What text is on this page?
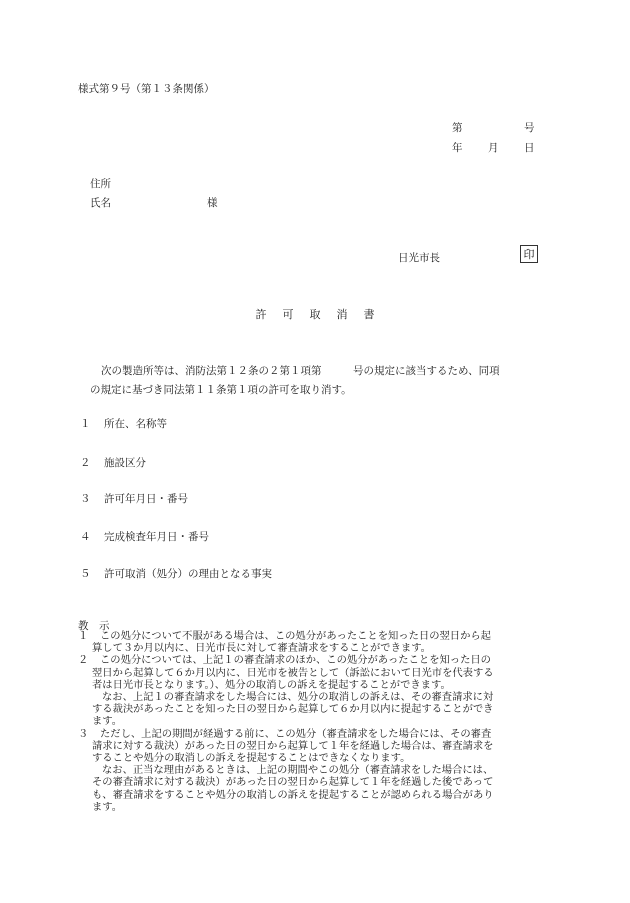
様式第９号（第１３条関係）
第	号
年 月 日
住所
氏名	様
日光市長	印
許 可 取 消 書
次の製造所等は、消防法第１２条の２第１項第　　　号の規定に該当するため、同項
の規定に基づき同法第１１条第１項の許可を取り消す。
１ 所在、名称等
２ 施設区分
３ 許可年月日・番号
４ 完成検査年月日・番号
５ 許可取消（処分）の理由となる事実
教　示
１	この処分について不服がある場合は、この処分があったことを知った日の翌日から起

算して３か月以内に、日光市長に対して審査請求をすることができます。

２	この処分については、上記１の審査請求のほか、この処分があったことを知った日の

翌日から起算して６か月以内に、日光市を被告として（訴訟において日光市を代表する

者は日光市長となります。）、処分の取消しの訴えを提起することができます。

なお、上記１の審査請求をした場合には、処分の取消しの訴えは、その審査請求に対

する裁決があったことを知った日の翌日から起算して６か月以内に提起することができ

ます。

３	ただし、上記の期間が経過する前に、この処分（審査請求をした場合には、その審査

請求に対する裁決）があった日の翌日から起算して１年を経過した場合は、審査請求を

することや処分の取消しの訴えを提起することはできなくなります。

なお、正当な理由があるときは、上記の期間やこの処分（審査請求をした場合には、

その審査請求に対する裁決）があった日の翌日から起算して１年を経過した後であって

も、審査請求をすることや処分の取消しの訴えを提起することが認められる場合があり

ます。
